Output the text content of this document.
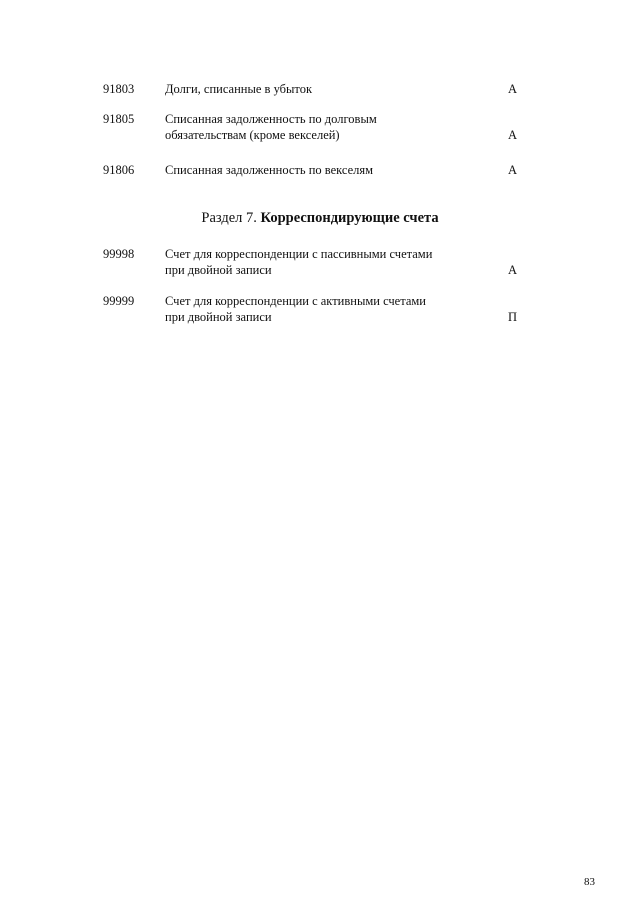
91803 Долги, списанные в убыток	А
91805 Списанная задолженность по долговым
обязательствам (кроме векселей)	А
91806 Списанная задолженность по векселям	А
Раздел 7. Корреспондирующие счета
99998 Счет для корреспонденции с пассивными счетами
при двойной записи	А
99999 Счет для корреспонденции с активными счетами
при двойной записи	П
83
